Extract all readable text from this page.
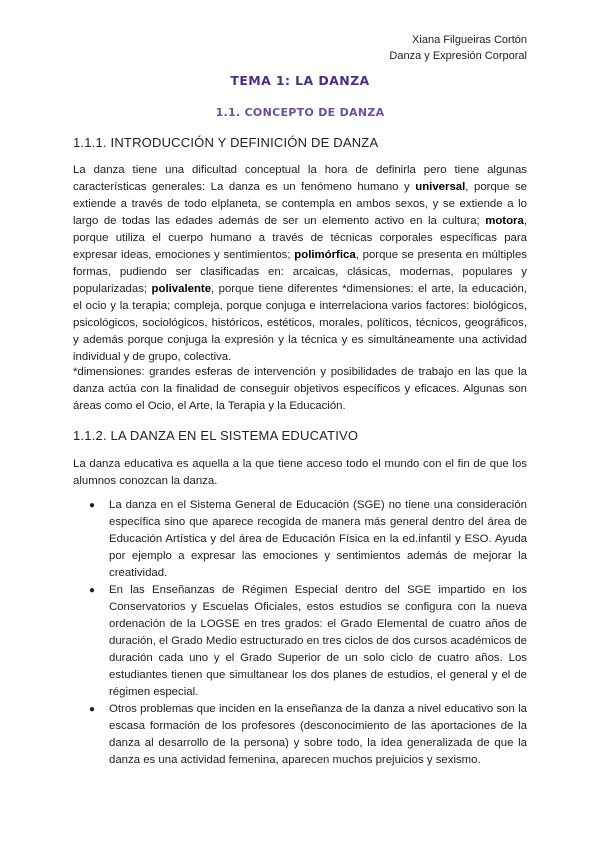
Xiana Filgueiras Cortón
Danza y Expresión Corporal
TEMA 1: LA DANZA
1.1. CONCEPTO DE DANZA
1.1.1. INTRODUCCIÓN Y DEFINICIÓN DE DANZA

La danza tiene una dificultad conceptual la hora de definirla pero tiene algunas características generales: La danza es un fenómeno humano y universal, porque se extiende a través de todo elplaneta, se contempla en ambos sexos, y se extiende a lo largo de todas las edades además de ser un elemento activo en la cultura; motora, porque utiliza el cuerpo humano a través de técnicas corporales específicas para expresar ideas, emociones y sentimientos; polimórfica, porque se presenta en múltiples formas, pudiendo ser clasificadas en: arcaicas, clásicas, modernas, populares y popularizadas; polivalente, porque tiene diferentes *dimensiones: el arte, la educación, el ocio y la terapia; compleja, porque conjuga e interrelaciona varios factores: biológicos, psicológicos, sociológicos, históricos, estéticos, morales, políticos, técnicos, geográficos, y además porque conjuga la expresión y la técnica y es simultáneamente una actividad individual y de grupo, colectiva.

*dimensiones: grandes esferas de intervención y posibilidades de trabajo en las que la danza actúa con la finalidad de conseguir objetivos específicos y eficaces. Algunas son áreas como el Ocio, el Arte, la Terapia y la Educación.

1.1.2. LA DANZA EN EL SISTEMA EDUCATIVO

La danza educativa es aquella a la que tiene acceso todo el mundo con el fin de que los alumnos conozcan la danza.

● La danza en el Sistema General de Educación (SGE) no tiene una consideración específica sino que aparece recogida de manera más general dentro del área de Educación Artística y del área de Educación Física en la ed.infantil y ESO. Ayuda por ejemplo a expresar las emociones y sentimientos además de mejorar la creatividad.
● En las Enseñanzas de Régimen Especial dentro del SGE impartido en los Conservatorios y Escuelas Oficiales, estos estudios se configura con la nueva ordenación de la LOGSE en tres grados: el Grado Elemental de cuatro años de duración, el Grado Medio estructurado en tres ciclos de dos cursos académicos de duración cada uno y el Grado Superior de un solo ciclo de cuatro años. Los estudiantes tienen que simultanear los dos planes de estudios, el general y el de régimen especial.
● Otros problemas que inciden en la enseñanza de la danza a nivel educativo son la escasa formación de los profesores (desconocimiento de las aportaciones de la danza al desarrollo de la persona) y sobre todo, la idea generalizada de que la danza es una actividad femenina, aparecen muchos prejuicios y sexismo.
